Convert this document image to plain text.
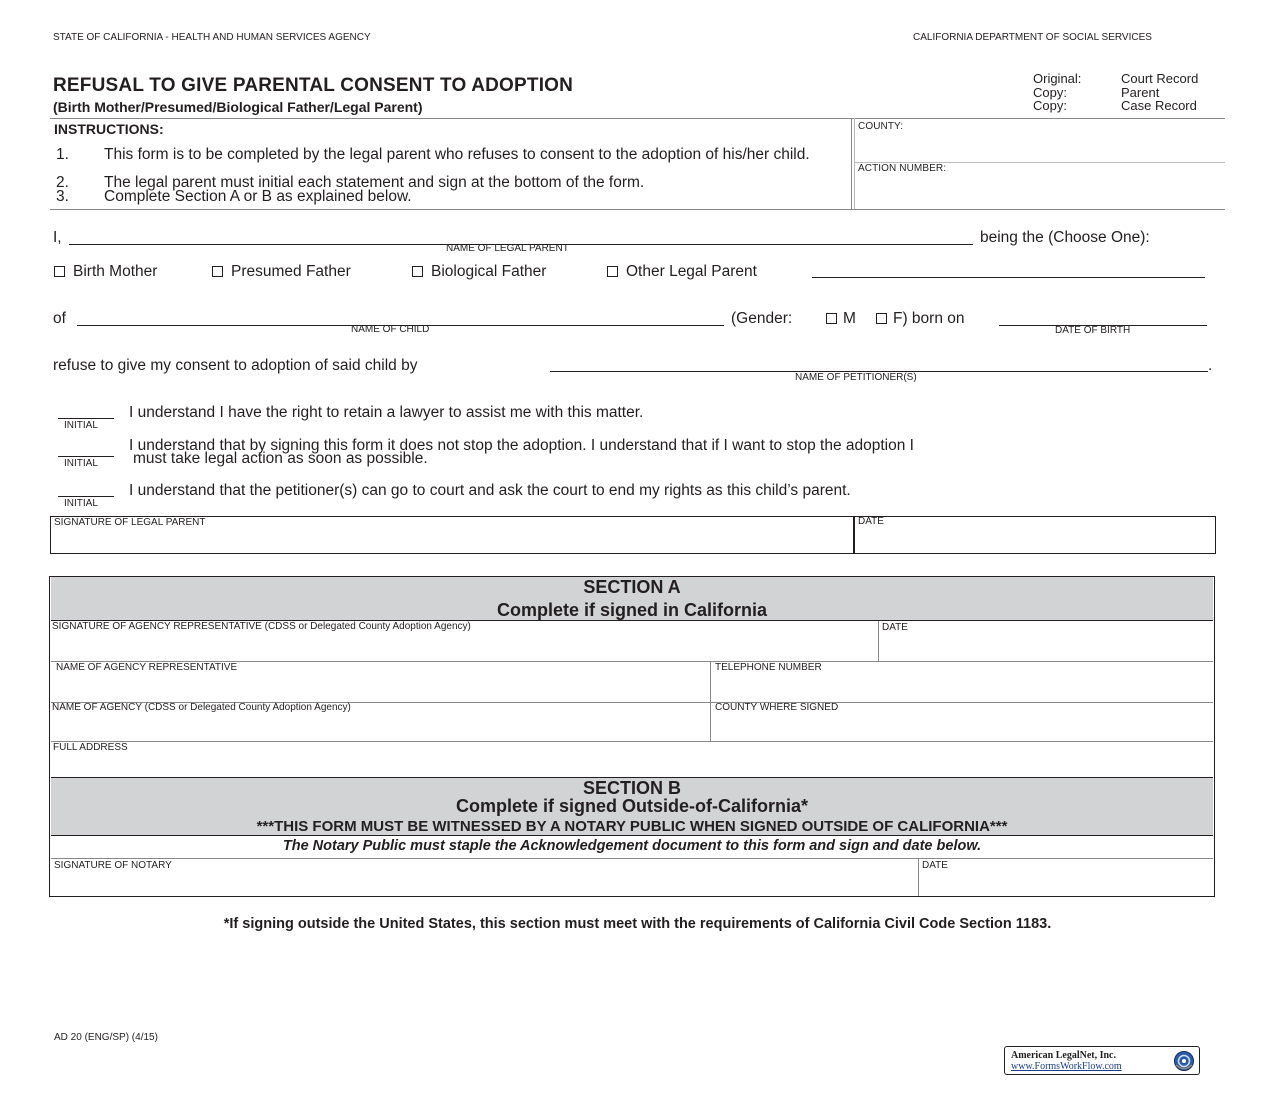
STATE OF CALIFORNIA - HEALTH AND HUMAN SERVICES AGENCY	CALIFORNIA DEPARTMENT OF SOCIAL SERVICES
REFUSAL TO GIVE PARENTAL CONSENT TO ADOPTION
(Birth Mother/Presumed/Biological Father/Legal Parent)
Original:	Court Record
Copy:	Parent
Copy:	Case Record
INSTRUCTIONS:
1. This form is to be completed by the legal parent who refuses to consent to the adoption of his/her child.
2. The legal parent must initial each statement and sign at the bottom of the form.
3. Complete Section A or B as explained below.
COUNTY:
ACTION NUMBER:
I,
NAME OF LEGAL PARENT
being the (Choose One):
Birth Mother	Presumed Father	Biological Father	Other Legal Parent
of
NAME OF CHILD
(Gender:	M	F) born on
DATE OF BIRTH
refuse to give my consent to adoption of said child by	.
NAME OF PETITIONER(S)
INITIAL
I understand I have the right to retain a lawyer to assist me with this matter.
INITIAL
I understand that by signing this form it does not stop the adoption. I understand that if I want to stop the adoption I
must take legal action as soon as possible.
INITIAL
I understand that the petitioner(s) can go to court and ask the court to end my rights as this child’s parent.
SIGNATURE OF LEGAL PARENT	DATE
SECTION A
Complete if signed in California
SIGNATURE OF AGENCY REPRESENTATIVE (CDSS or Delegated County Adoption Agency)	DATE
NAME OF AGENCY REPRESENTATIVE	TELEPHONE NUMBER
NAME OF AGENCY (CDSS or Delegated County Adoption Agency)	COUNTY WHERE SIGNED
FULL ADDRESS
SECTION B
Complete if signed Outside-of-California*
***THIS FORM MUST BE WITNESSED BY A NOTARY PUBLIC WHEN SIGNED OUTSIDE OF CALIFORNIA***
The Notary Public must staple the Acknowledgement document to this form and sign and date below.
SIGNATURE OF NOTARY	DATE
*If signing outside the United States, this section must meet with the requirements of California Civil Code Section 1183.
AD 20 (ENG/SP) (4/15)
American LegalNet, Inc.
www.FormsWorkFlow.com
